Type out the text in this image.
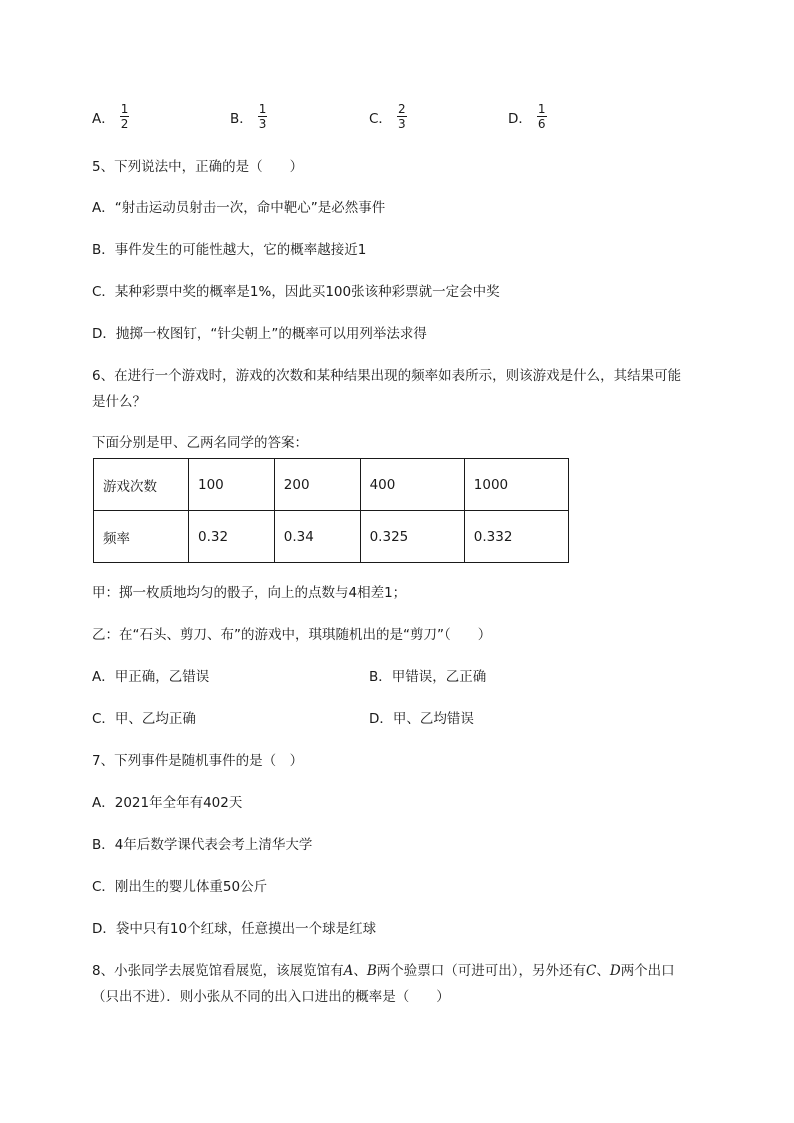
A． $\frac{1}{2}$	B． $\frac{1}{3}$	C． $\frac{2}{3}$	D． $\frac{1}{6}$
5、下列说法中，正确的是（　　）
A．“射击运动员射击一次，命中靶心”是必然事件
B．事件发生的可能性越大，它的概率越接近1
C．某种彩票中奖的概率是1%，因此买100张该种彩票就一定会中奖
D．抛掷一枚图钉，“针尖朝上”的概率可以用列举法求得
6、在进行一个游戏时，游戏的次数和某种结果出现的频率如表所示，则该游戏是什么，其结果可能
是什么？
下面分别是甲、乙两名同学的答案：
游戏次数	100	200	400	1000
频率	0.32	0.34	0.325	0.332
甲：掷一枚质地均匀的骰子，向上的点数与4相差1；
乙：在“石头、剪刀、布”的游戏中，琪琪随机出的是“剪刀”（　　）
A．甲正确，乙错误	B．甲错误，乙正确
C．甲、乙均正确	D．甲、乙均错误
7、下列事件是随机事件的是（　）
A．2021年全年有402天
B．4年后数学课代表会考上清华大学
C．刚出生的婴儿体重50公斤
D．袋中只有10个红球，任意摸出一个球是红球
8、小张同学去展览馆看展览，该展览馆有A、B两个验票口（可进可出），另外还有C、D两个出口
（只出不进）．则小张从不同的出入口进出的概率是（　　）
